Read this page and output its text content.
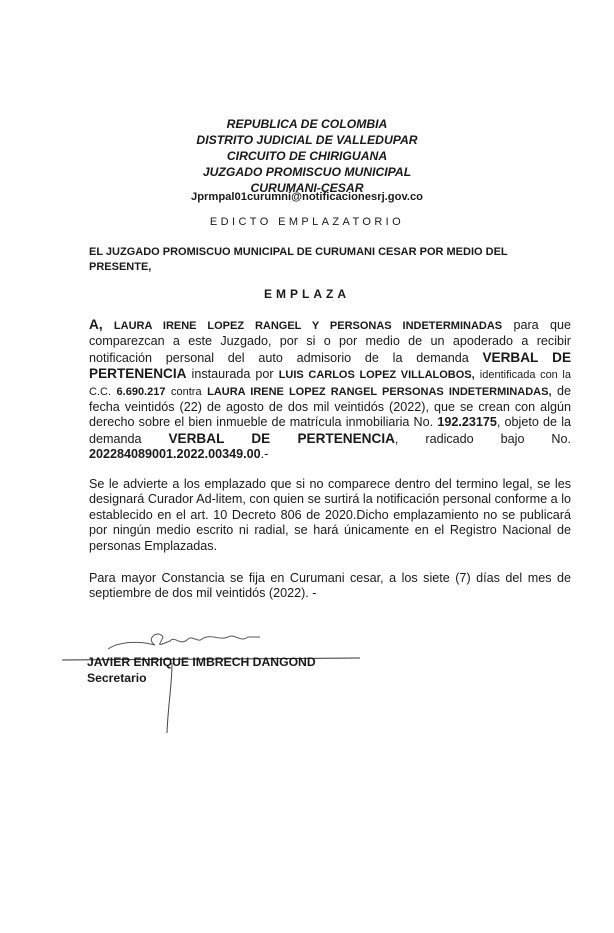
REPUBLICA DE COLOMBIA
DISTRITO JUDICIAL DE VALLEDUPAR
CIRCUITO DE CHIRIGUANA
JUZGADO PROMISCUO MUNICIPAL
CURUMANI-CESAR
Jprmpal01curumni@notificacionesrj.gov.co
EDICTO EMPLAZATORIO
EL JUZGADO PROMISCUO MUNICIPAL DE CURUMANI CESAR POR MEDIO DEL PRESENTE,
EMPLAZA

A, LAURA IRENE LOPEZ RANGEL Y PERSONAS INDETERMINADAS para que comparezcan a este Juzgado, por si o por medio de un apoderado a recibir notificación personal del auto admisorio de la demanda VERBAL DE PERTENENCIA instaurada por LUIS CARLOS LOPEZ VILLALOBOS, identificada con la C.C. 6.690.217 contra LAURA IRENE LOPEZ RANGEL PERSONAS INDETERMINADAS, de fecha veintidós (22) de agosto de dos mil veintidós (2022), que se crean con algún derecho sobre el bien inmueble de matrícula inmobiliaria No. 192.23175, objeto de la demanda VERBAL DE PERTENENCIA, radicado bajo No. 202284089001.2022.00349.00.-

Se le advierte a los emplazado que si no comparece dentro del termino legal, se les designará Curador Ad-litem, con quien se surtirá la notificación personal conforme a lo establecido en el art. 10 Decreto 806 de 2020.Dicho emplazamiento no se publicará por ningún medio escrito ni radial, se hará únicamente en el Registro Nacional de personas Emplazadas.

Para mayor Constancia se fija en Curumani cesar, a los siete (7) días del mes de septiembre de dos mil veintidós (2022). -

JAVIER ENRIQUE IMBRECH DANGOND
Secretario
